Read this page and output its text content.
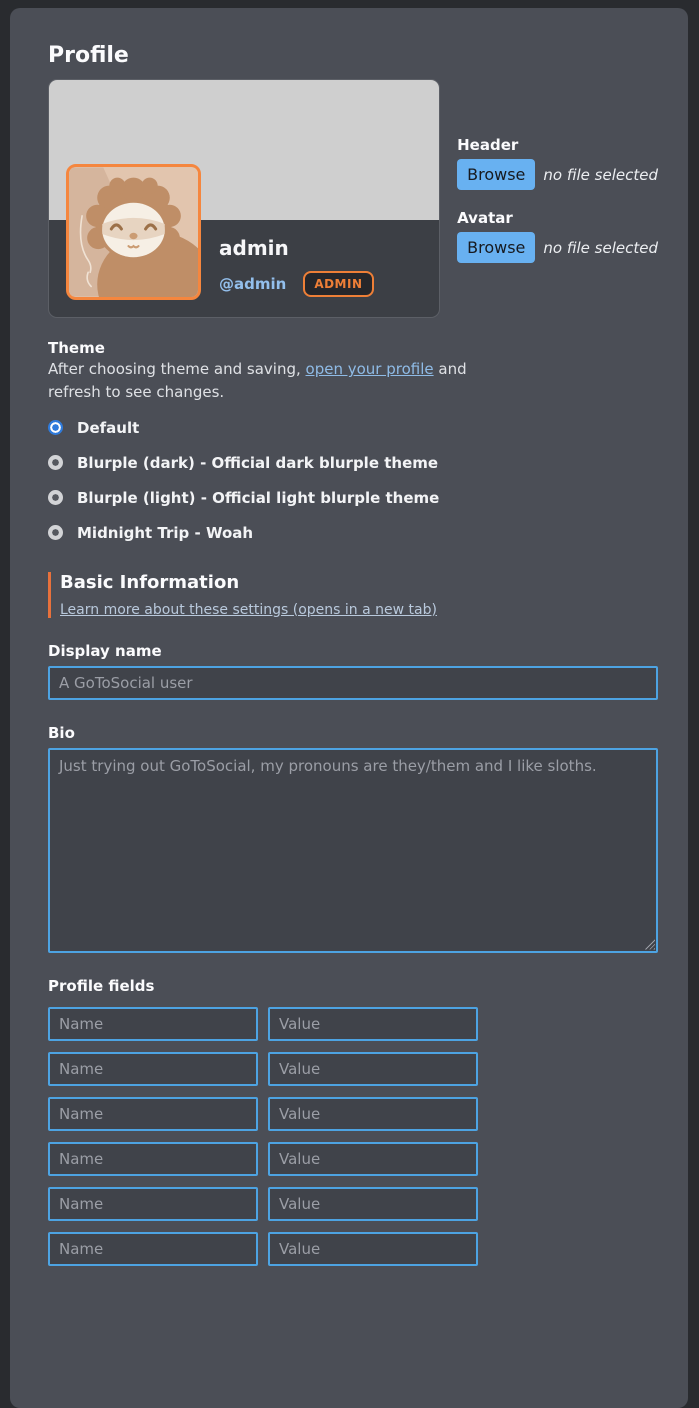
Profile
admin
@admin	ADMIN
Header
Browse	no file selected
Avatar
Browse	no file selected
Theme
After choosing theme and saving, open your profile and refresh to see changes.
Default
Blurple (dark) - Official dark blurple theme
Blurple (light) - Official light blurple theme
Midnight Trip - Woah
Basic Information
Learn more about these settings (opens in a new tab)
Display name
A GoToSocial user
Bio
Just trying out GoToSocial, my pronouns are they/them and I like sloths.
Profile fields
Name
Value
Name
Value
Name
Value
Name
Value
Name
Value
Name
Value
